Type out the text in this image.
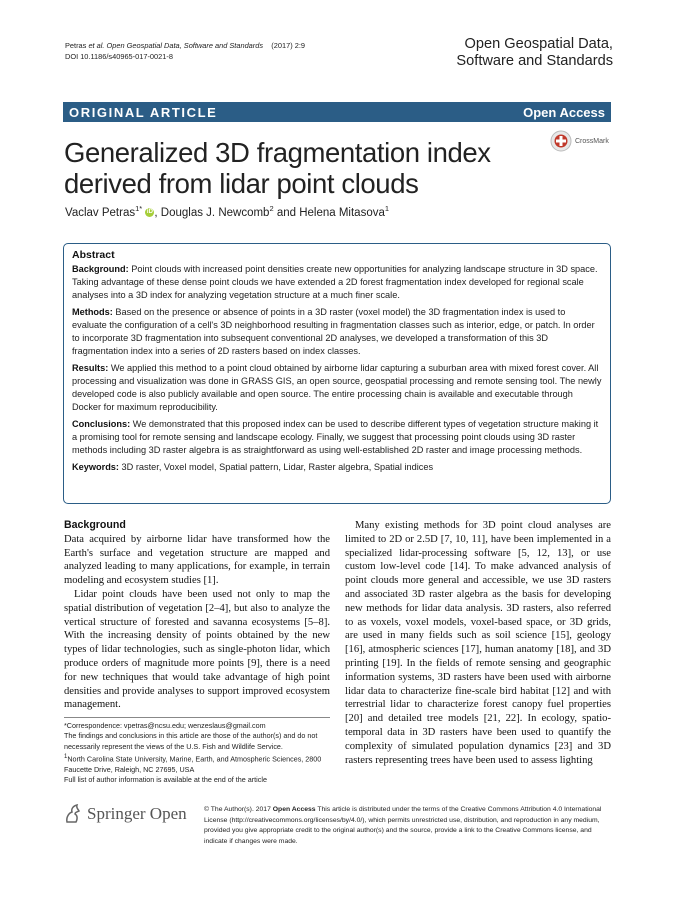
Petras et al. Open Geospatial Data, Software and Standards (2017) 2:9
DOI 10.1186/s40965-017-0021-8
Open Geospatial Data,
Software and Standards
ORIGINAL ARTICLE	Open Access
CrossMark
Generalized 3D fragmentation index derived from lidar point clouds
Vaclav Petras$^{1*}$ iD , Douglas J. Newcomb$^2$ and Helena Mitasova$^1$

Abstract

Background: Point clouds with increased point densities create new opportunities for analyzing landscape structure in 3D space. Taking advantage of these dense point clouds we have extended a 2D forest fragmentation index developed for regional scale analyses into a 3D index for analyzing vegetation structure at a much finer scale.

Methods: Based on the presence or absence of points in a 3D raster (voxel model) the 3D fragmentation index is used to evaluate the configuration of a cell's 3D neighborhood resulting in fragmentation classes such as interior, edge, or patch. In order to incorporate 3D fragmentation into subsequent conventional 2D analyses, we developed a transformation of this 3D fragmentation index into a series of 2D rasters based on index classes.

Results: We applied this method to a point cloud obtained by airborne lidar capturing a suburban area with mixed forest cover. All processing and visualization was done in GRASS GIS, an open source, geospatial processing and remote sensing tool. The newly developed code is also publicly available and open source. The entire processing chain is available and executable through Docker for maximum reproducibility.

Conclusions: We demonstrated that this proposed index can be used to describe different types of vegetation structure making it a promising tool for remote sensing and landscape ecology. Finally, we suggest that processing point clouds using 3D raster methods including 3D raster algebra is as straightforward as using well-established 2D raster and image processing methods.

Keywords: 3D raster, Voxel model, Spatial pattern, Lidar, Raster algebra, Spatial indices

Background

Data acquired by airborne lidar have transformed how the Earth's surface and vegetation structure are mapped and analyzed leading to many applications, for example, in terrain modeling and ecosystem studies [1].

Lidar point clouds have been used not only to map the spatial distribution of vegetation [2–4], but also to analyze the vertical structure of forested and savanna ecosystems [5–8]. With the increasing density of points obtained by the new types of lidar technologies, such as single-photon lidar, which produce orders of magnitude more points [9], there is a need for new techniques that would take advantage of high point densities and provide analyses to support improved ecosystem management.

Many existing methods for 3D point cloud analyses are limited to 2D or 2.5D [7, 10, 11], have been implemented in a specialized lidar-processing software [5, 12, 13], or use custom low-level code [14]. To make advanced analysis of point clouds more general and accessible, we use 3D rasters and associated 3D raster algebra as the basis for developing new methods for lidar data analysis. 3D rasters, also referred to as voxels, voxel models, voxel-based space, or 3D grids, are used in many fields such as soil science [15], geology [16], atmospheric sciences [17], human anatomy [18], and 3D printing [19]. In the fields of remote sensing and geographic information systems, 3D rasters have been used with airborne lidar data to characterize fine-scale bird habitat [12] and with terrestrial lidar to characterize forest canopy fuel properties [20] and detailed tree models [21, 22]. In ecology, spatio-temporal data in 3D rasters have been used to quantify the complexity of simulated population dynamics [23] and 3D rasters representing trees have been used to assess lighting

*Correspondence: vpetras@ncsu.edu; wenzeslaus@gmail.com

The findings and conclusions in this article are those of the author(s) and do not necessarily represent the views of the U.S. Fish and Wildlife Service.

$^1$North Carolina State University, Marine, Earth, and Atmospheric Sciences, 2800 Faucette Drive, Raleigh, NC 27695, USA

Full list of author information is available at the end of the article

Springer Open	© The Author(s). 2017 Open Access This article is distributed under the terms of the Creative Commons Attribution 4.0 International License (http://creativecommons.org/licenses/by/4.0/), which permits unrestricted use, distribution, and reproduction in any medium, provided you give appropriate credit to the original author(s) and the source, provide a link to the Creative Commons license, and indicate if changes were made.
